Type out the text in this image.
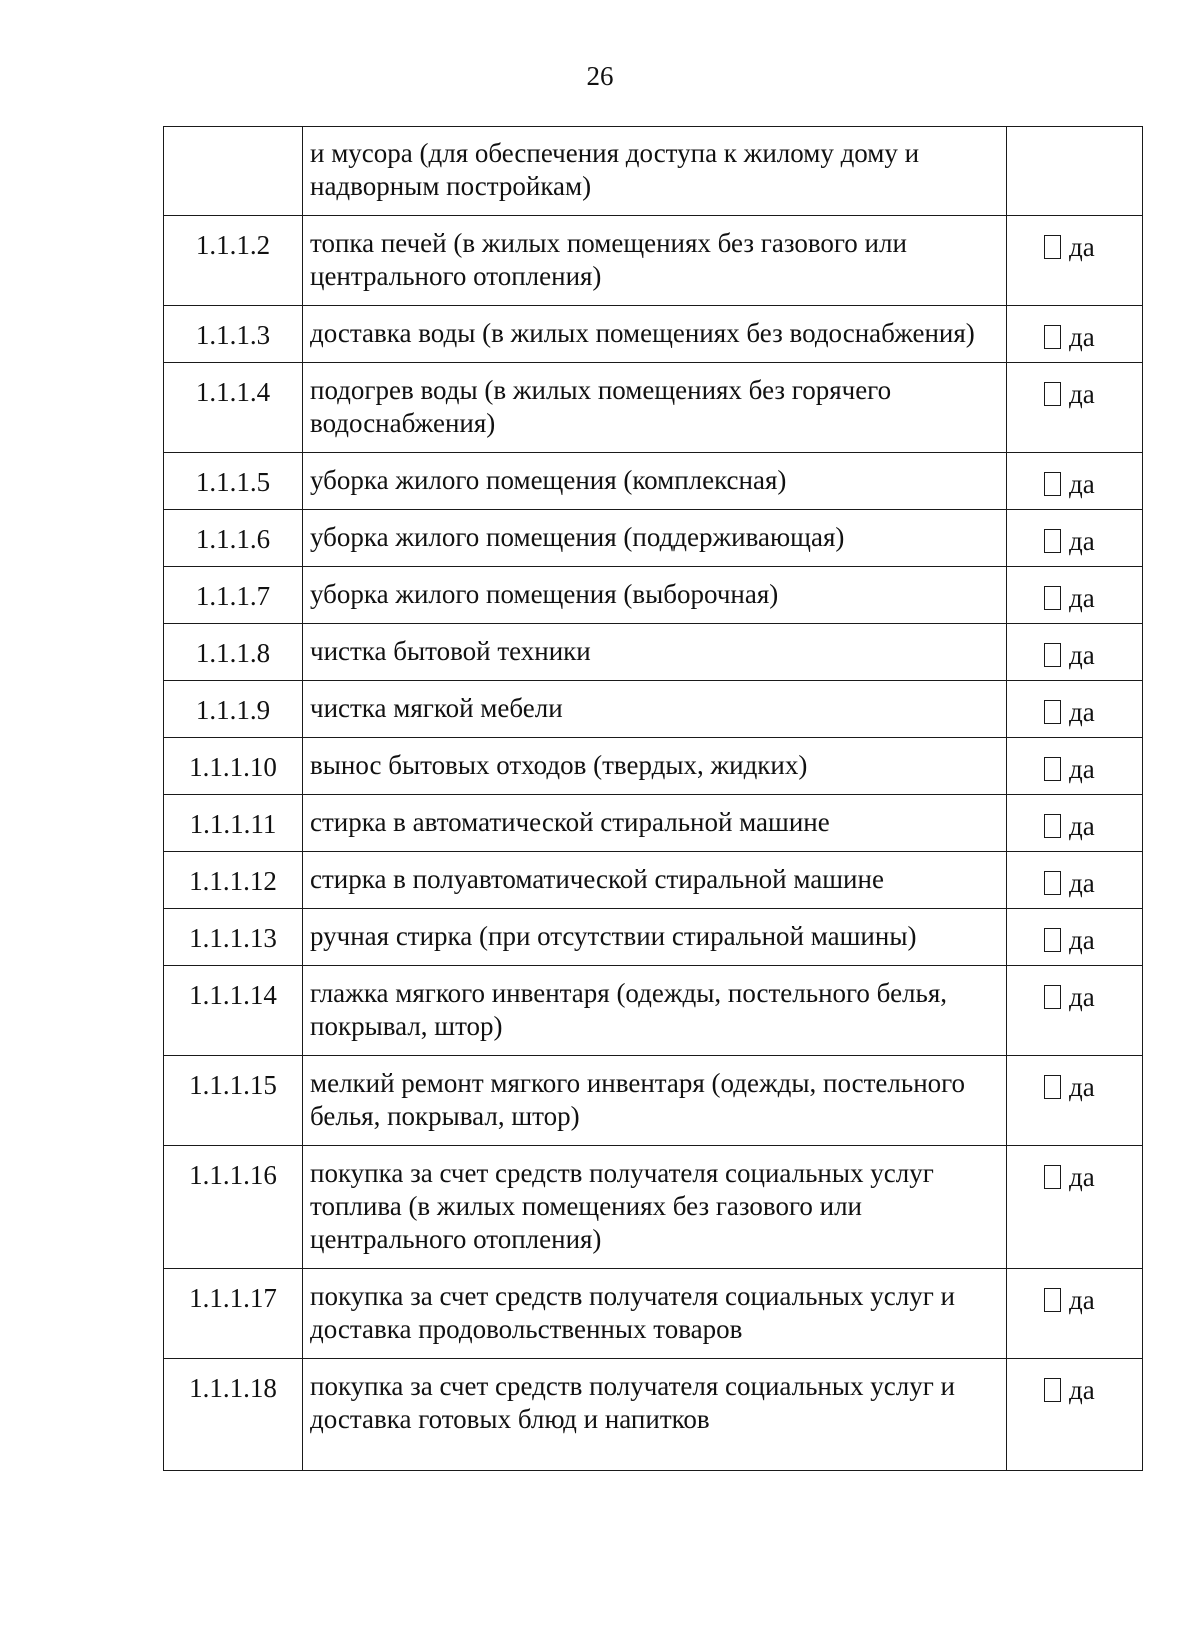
26
	и мусора (для обеспечения доступа к жилому дому и надворным постройкам)	
1.1.1.2	топка печей (в жилых помещениях без газового или центрального отопления)	да
1.1.1.3	доставка воды (в жилых помещениях без водоснабжения)	да
1.1.1.4	подогрев воды (в жилых помещениях без горячего водоснабжения)	да
1.1.1.5	уборка жилого помещения (комплексная)	да
1.1.1.6	уборка жилого помещения (поддерживающая)	да
1.1.1.7	уборка жилого помещения (выборочная)	да
1.1.1.8	чистка бытовой техники	да
1.1.1.9	чистка мягкой мебели	да
1.1.1.10	вынос бытовых отходов (твердых, жидких)	да
1.1.1.11	стирка в автоматической стиральной машине	да
1.1.1.12	стирка в полуавтоматической стиральной машине	да
1.1.1.13	ручная стирка (при отсутствии стиральной машины)	да
1.1.1.14	глажка мягкого инвентаря (одежды, постельного белья, покрывал, штор)	да
1.1.1.15	мелкий ремонт мягкого инвентаря (одежды, постельного белья, покрывал, штор)	да
1.1.1.16	покупка за счет средств получателя социальных услуг топлива (в жилых помещениях без газового или центрального отопления)	да
1.1.1.17	покупка за счет средств получателя социальных услуг и доставка продовольственных товаров	да
1.1.1.18	покупка за счет средств получателя социальных услуг и доставка готовых блюд и напитков	да
